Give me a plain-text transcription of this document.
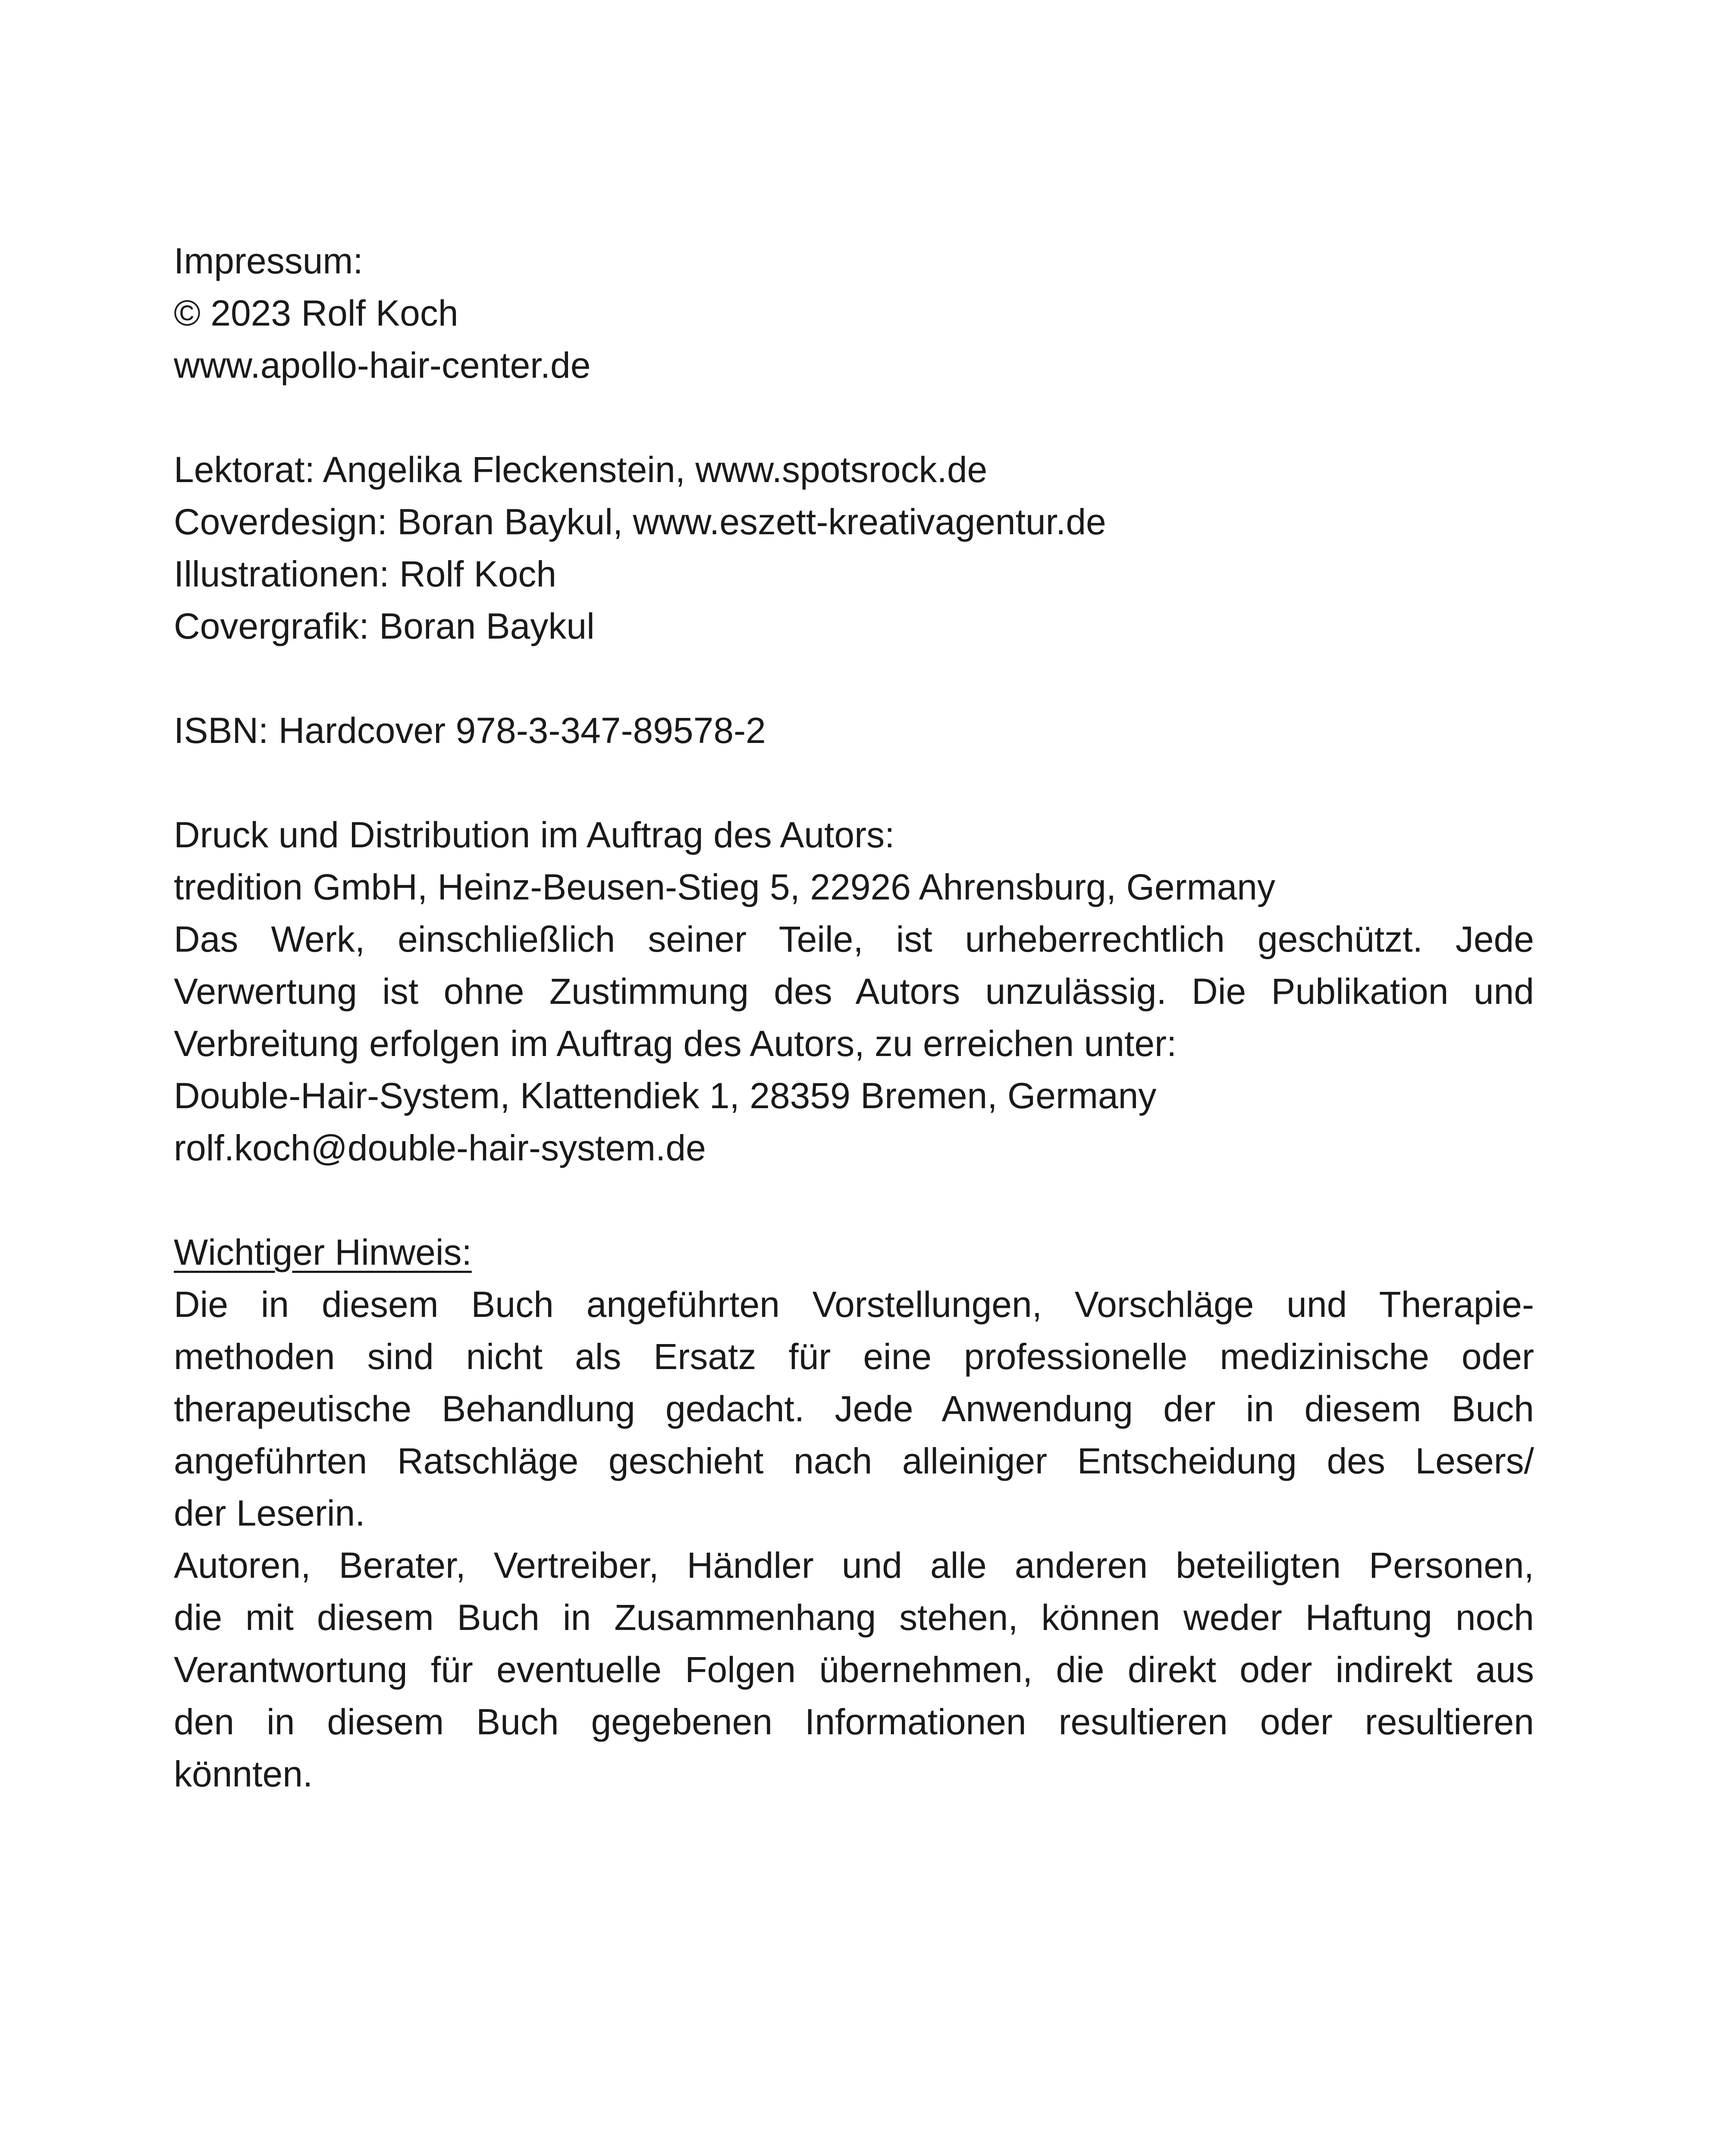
Impressum:
© 2023 Rolf Koch
www.apollo-hair-center.de
Lektorat: Angelika Fleckenstein, www.spotsrock.de
Coverdesign: Boran Baykul, www.eszett-kreativagentur.de
Illustrationen: Rolf Koch
Covergrafik: Boran Baykul
ISBN: Hardcover 978-3-347-89578-2
Druck und Distribution im Auftrag des Autors:
tredition GmbH, Heinz-Beusen-Stieg 5, 22926 Ahrensburg, Germany
Das Werk, einschließlich seiner Teile, ist urheberrechtlich geschützt. Jede
Verwertung ist ohne Zustimmung des Autors unzulässig. Die Publikation und
Verbreitung erfolgen im Auftrag des Autors, zu erreichen unter:
Double-Hair-System, Klattendiek 1, 28359 Bremen, Germany
rolf.koch@double-hair-system.de
Wichtiger Hinweis:
Die in diesem Buch angeführten Vorstellungen, Vorschläge und Therapie-
methoden sind nicht als Ersatz für eine professionelle medizinische oder
therapeutische Behandlung gedacht. Jede Anwendung der in diesem Buch
angeführten Ratschläge geschieht nach alleiniger Entscheidung des Lesers/
der Leserin.
Autoren, Berater, Vertreiber, Händler und alle anderen beteiligten Personen,
die mit diesem Buch in Zusammenhang stehen, können weder Haftung noch
Verantwortung für eventuelle Folgen übernehmen, die direkt oder indirekt aus
den in diesem Buch gegebenen Informationen resultieren oder resultieren
könnten.
